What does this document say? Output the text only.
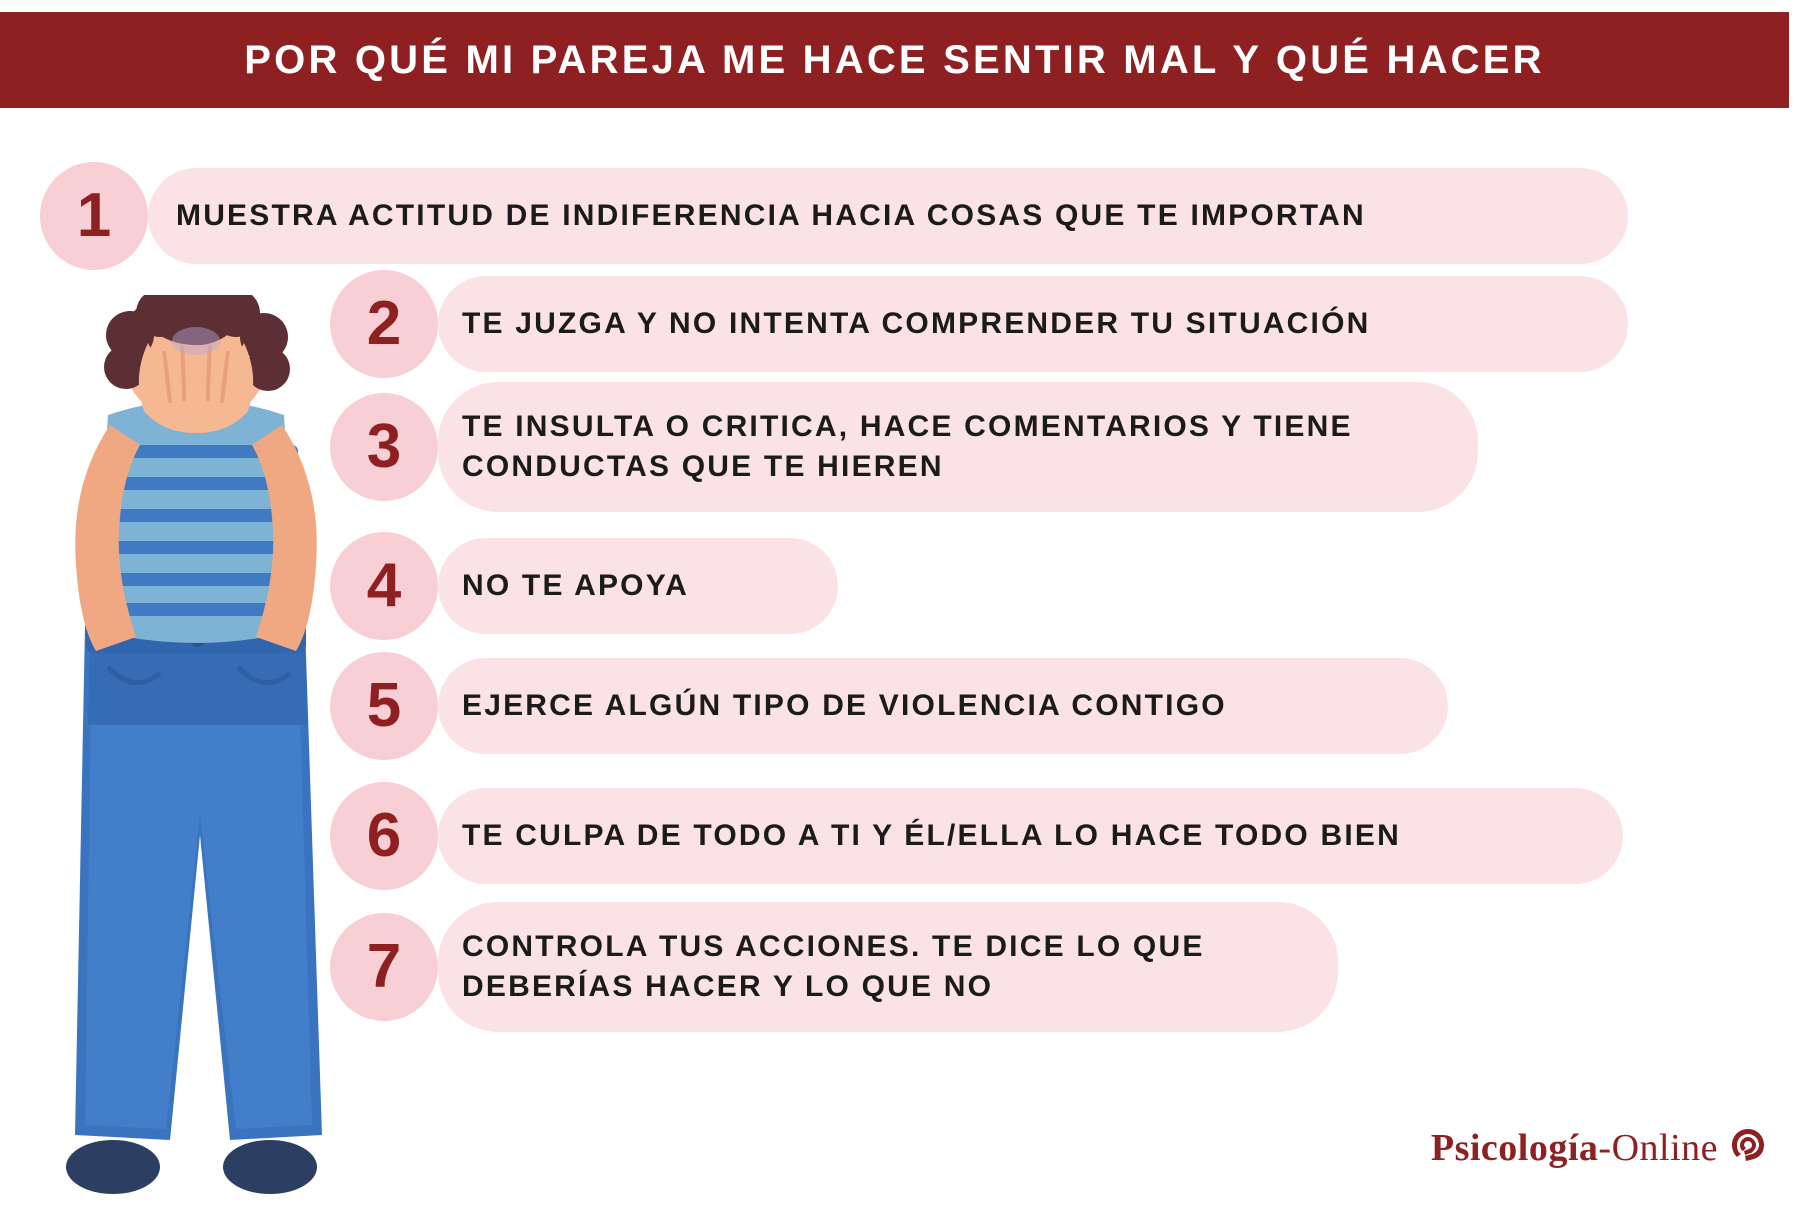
POR QUÉ MI PAREJA ME HACE SENTIR MAL Y QUÉ HACER
1	MUESTRA ACTITUD DE INDIFERENCIA HACIA COSAS QUE TE IMPORTAN
2	TE JUZGA Y NO INTENTA COMPRENDER TU SITUACIÓN
3	TE INSULTA O CRITICA, HACE COMENTARIOS Y TIENE CONDUCTAS QUE TE HIEREN
4	NO TE APOYA
5	EJERCE ALGÚN TIPO DE VIOLENCIA CONTIGO
6	TE CULPA DE TODO A TI Y ÉL/ELLA LO HACE TODO BIEN
7	CONTROLA TUS ACCIONES. TE DICE LO QUE DEBERÍAS HACER Y LO QUE NO
Psicología-Online
